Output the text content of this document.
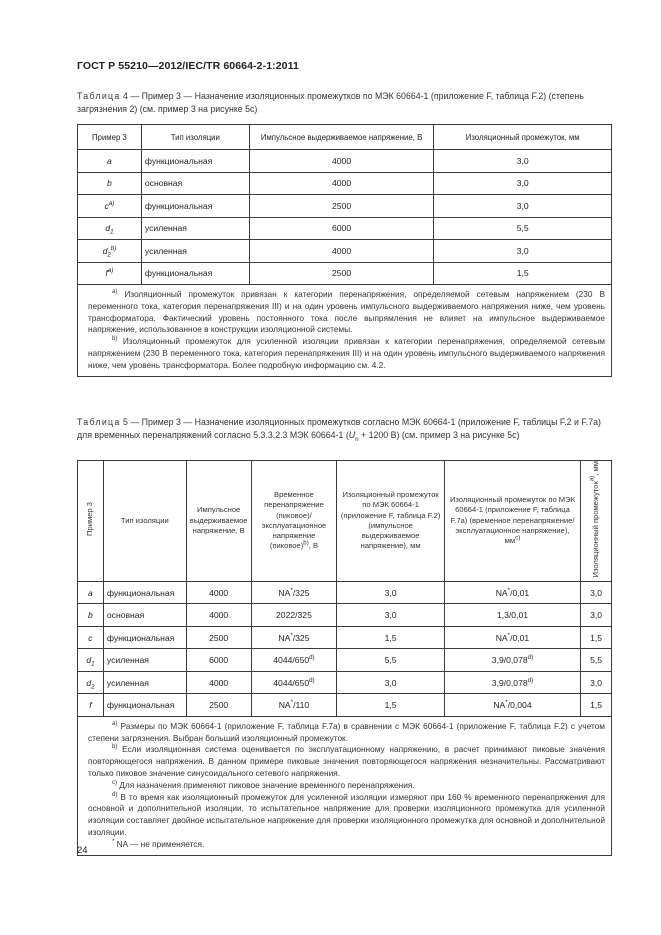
ГОСТ Р 55210—2012/IEC/TR 60664-2-1:2011
Таблица 4 — Пример 3 — Назначение изоляционных промежутков по МЭК 60664-1 (приложение F, таблица F.2) (степень загрязнения 2) (см. пример 3 на рисунке 5с)
Пример 3	Тип изоляции	Импульсное выдерживаемое напряжение, В	Изоляционный промежуток, мм
a	функциональная	4000	3,0
b	основная	4000	3,0
$c^{a)}$	функциональная	2500	3,0
$d_1$	усиленная	6000	5,5
$d_2^{b)}$	усиленная	4000	3,0
$f^{a)}$	функциональная	2500	1,5

$^{a)}$ Изоляционный промежуток привязан к категории перенапряжения, определяемой сетевым напряжением (230 В переменного тока, категория перенапряжения III) и на один уровень импульсного выдерживаемого напряжения ниже, чем уровень трансформатора. Фактический уровень постоянного тока после выпрямления не влияет на импульсное выдерживаемое напряжение, использованное в конструкции изоляционной системы.

$^{b)}$ Изоляционный промежуток для усиленной изоляции привязан к категории перенапряжения, определяемой сетевым напряжением (230 В переменного тока, категория перенапряжения III) и на один уровень импульсного выдерживаемого напряжения ниже, чем уровень трансформатора. Более подробную информацию см. 4.2.			

Таблица 5 — Пример 3 — Назначение изоляционных промежутков согласно МЭК 60664-1 (приложение F, таблицы F.2 и F.7a) для временных перенапряжений согласно 5.3.3.2.3 МЭК 60664-1 ($U_n + 1200$ В) (см. пример 3 на рисунке 5с)
Пример 3	Тип изоляции	Импульсное выдерживаемое напряжение, В	Временное перенапряжение (пиковое)/эксплуатационное напряжение (пиковое)$^{b)}$, В	Изоляционный промежуток по МЭК 60664-1 (приложение F, таблица F.2) (импульсное выдерживаемое напряжение), мм	Изоляционный промежуток по МЭК 60664-1 (приложение F, таблица F.7a) (временное перенапряжение/ эксплуатационное напряжение), $мм^{c)}$	Изоляционный промежуток$^{a)}$, мм
a	функциональная	4000	NA*/325	3,0	NA*/0,01	3,0
b	основная	4000	2022/325	3,0	1,3/0,01	3,0
c	функциональная	2500	NA*/325	1,5	NA*/0,01	1,5
$d_1$	усиленная	6000	4044/650$^{d)}$	5,5	3,9/0,078$^{d)}$	5,5
$d_2$	усиленная	4000	4044/650$^{d)}$	3,0	3,9/0,078$^{d)}$	3,0
f	функциональная	2500	NA*/110	1,5	NA*/0,004	1,5

$^{a)}$ Размеры по МЭК 60664-1 (приложение F, таблица F.7a) в сравнении с МЭК 60664-1 (приложение F, таблица F.2) с учетом степени загрязнения. Выбран больший изоляционный промежуток.

$^{b)}$ Если изоляционная система оценивается по эксплуатационному напряжению, в расчет принимают пиковые значения повторяющегося напряжения. В данном примере пиковые значения повторяющегося напряжения незначительны. Рассматривают только пиковое значение синусоидального сетевого напряжения.

$^{c)}$ Для назначения применяют пиковое значение временного перенапряжения.

$^{d)}$ В то время как изоляционный промежуток для усиленной изоляции измеряют при 160 % временного перенапряжения для основной и дополнительной изоляции, то испытательное напряжение для проверки изоляционного промежутка для усиленной изоляции составляет двойное испытательное напряжение для проверки изоляционного промежутка для основной и дополнительной изоляции.

* NA — не применяется.						

24
